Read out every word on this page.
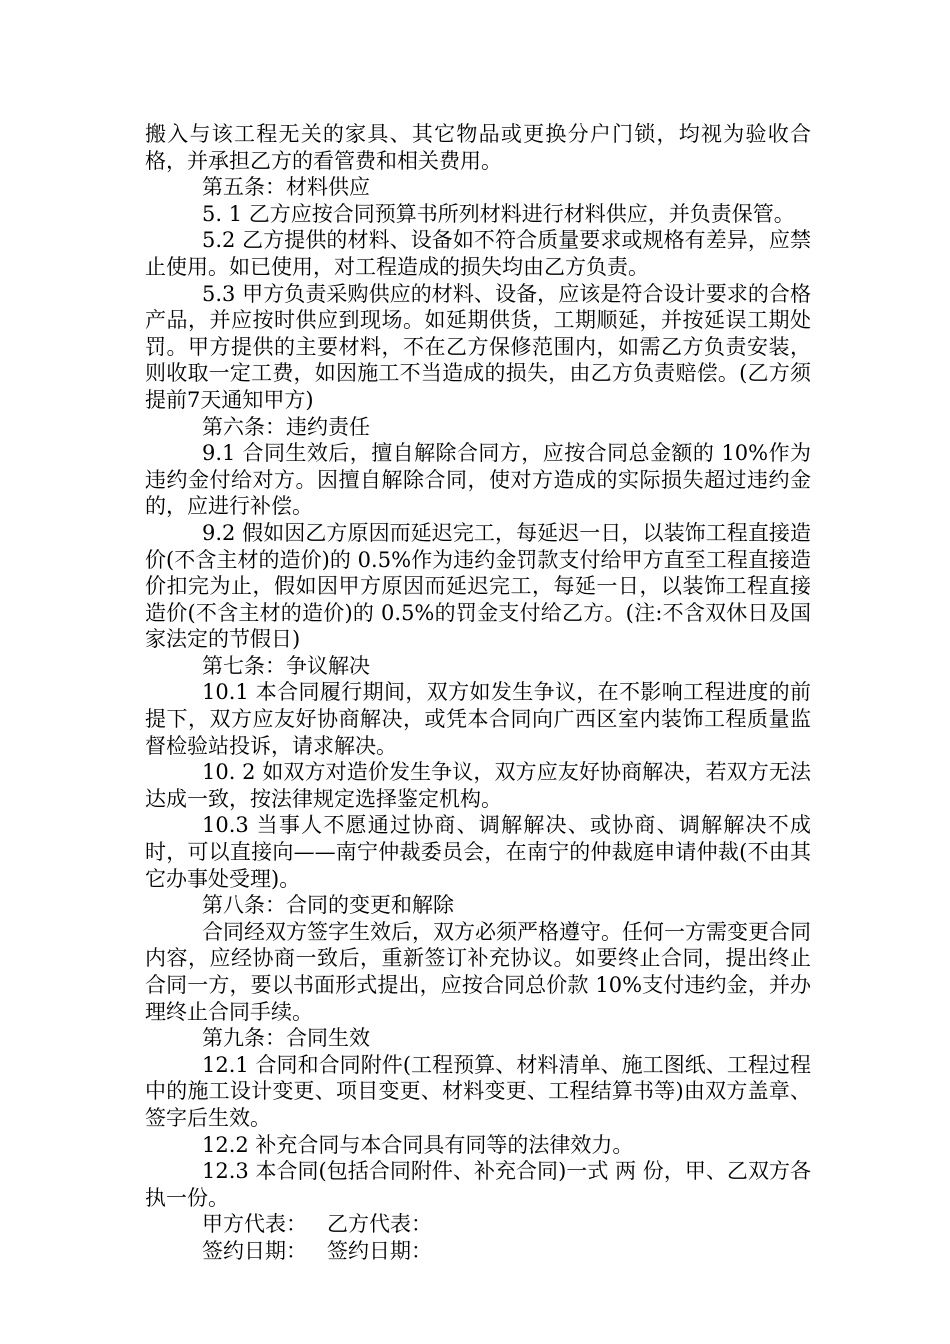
搬入与该工程无关的家具、其它物品或更换分户门锁，均视为验收合格，并承担乙方的看管费和相关费用。

第五条：材料供应

5. 1 乙方应按合同预算书所列材料进行材料供应，并负责保管。

5.2 乙方提供的材料、设备如不符合质量要求或规格有差异，应禁止使用。如已使用，对工程造成的损失均由乙方负责。

5.3 甲方负责采购供应的材料、设备，应该是符合设计要求的合格产品，并应按时供应到现场。如延期供货，工期顺延，并按延误工期处罚。甲方提供的主要材料，不在乙方保修范围内，如需乙方负责安装，则收取一定工费，如因施工不当造成的损失，由乙方负责赔偿。(乙方须提前7天通知甲方)

第六条：违约责任

9.1 合同生效后，擅自解除合同方，应按合同总金额的 10%作为违约金付给对方。因擅自解除合同，使对方造成的实际损失超过违约金的，应进行补偿。

9.2 假如因乙方原因而延迟完工，每延迟一日，以装饰工程直接造价(不含主材的造价)的 0.5%作为违约金罚款支付给甲方直至工程直接造价扣完为止，假如因甲方原因而延迟完工，每延一日，以装饰工程直接造价(不含主材的造价)的 0.5%的罚金支付给乙方。(注:不含双休日及国家法定的节假日)

第七条：争议解决

10.1 本合同履行期间，双方如发生争议，在不影响工程进度的前提下，双方应友好协商解决，或凭本合同向广西区室内装饰工程质量监督检验站投诉，请求解决。

10. 2 如双方对造价发生争议，双方应友好协商解决，若双方无法达成一致，按法律规定选择鉴定机构。

10.3 当事人不愿通过协商、调解解决、或协商、调解解决不成时，可以直接向——南宁仲裁委员会，在南宁的仲裁庭申请仲裁(不由其它办事处受理)。

第八条：合同的变更和解除

合同经双方签字生效后，双方必须严格遵守。任何一方需变更合同内容，应经协商一致后，重新签订补充协议。如要终止合同，提出终止合同一方，要以书面形式提出，应按合同总价款 10%支付违约金，并办理终止合同手续。

第九条：合同生效

12.1 合同和合同附件(工程预算、材料清单、施工图纸、工程过程中的施工设计变更、项目变更、材料变更、工程结算书等)由双方盖章、签字后生效。

12.2 补充合同与本合同具有同等的法律效力。

12.3 本合同(包括合同附件、补充合同)一式 两 份，甲、乙双方各执一份。

甲方代表： 乙方代表：
签约日期： 签约日期：
